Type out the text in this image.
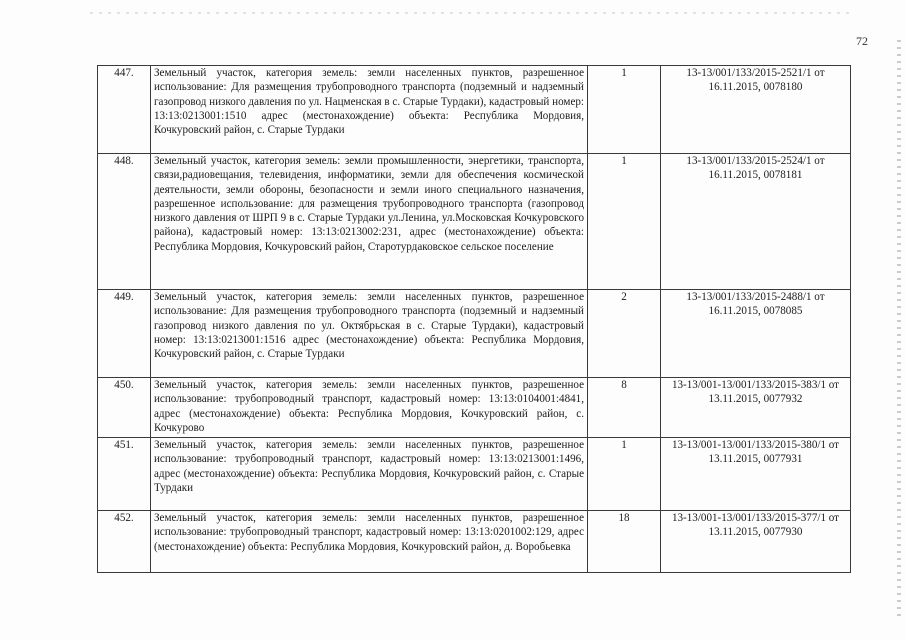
72
447.	Земельный участок, категория земель: земли населенных пунктов, разрешенное использование: Для размещения трубопроводного транспорта (подземный и надземный газопровод низкого давления по ул. Нацменская в с. Старые Турдаки), кадастровый номер: 13:13:0213001:1510 адрес (местонахождение) объекта: Республика Мордовия, Кочкуровский район, с. Старые Турдаки	1	13-13/001/133/2015-2521/1 от 16.11.2015, 0078180
448.	Земельный участок, категория земель: земли промышленности, энергетики, транспорта, связи,радиовещания, телевидения, информатики, земли для обеспечения космической деятельности, земли обороны, безопасности и земли иного специального назначения, разрешенное использование: для размещения трубопроводного транспорта (газопровод низкого давления от ШРП 9 в с. Старые Турдаки ул.Ленина, ул.Московская Кочкуровского района), кадастровый номер: 13:13:0213002:231, адрес (местонахождение) объекта: Республика Мордовия, Кочкуровский район, Старотурдаковское сельское поселение	1	13-13/001/133/2015-2524/1 от 16.11.2015, 0078181
449.	Земельный участок, категория земель: земли населенных пунктов, разрешенное использование: Для размещения трубопроводного транспорта (подземный и надземный газопровод низкого давления по ул. Октябрьская в с. Старые Турдаки), кадастровый номер: 13:13:0213001:1516 адрес (местонахождение) объекта: Республика Мордовия, Кочкуровский район, с. Старые Турдаки	2	13-13/001/133/2015-2488/1 от 16.11.2015, 0078085
450.	Земельный участок, категория земель: земли населенных пунктов, разрешенное использование: трубопроводный транспорт, кадастровый номер: 13:13:0104001:4841, адрес (местонахождение) объекта: Республика Мордовия, Кочкуровский район, с. Кочкурово	8	13-13/001-13/001/133/2015-383/1 от 13.11.2015, 0077932
451.	Земельный участок, категория земель: земли населенных пунктов, разрешенное использование: трубопроводный транспорт, кадастровый номер: 13:13:0213001:1496, адрес (местонахождение) объекта: Республика Мордовия, Кочкуровский район, с. Старые Турдаки	1	13-13/001-13/001/133/2015-380/1 от 13.11.2015, 0077931
452.	Земельный участок, категория земель: земли населенных пунктов, разрешенное использование: трубопроводный транспорт, кадастровый номер: 13:13:0201002:129, адрес (местонахождение) объекта: Республика Мордовия, Кочкуровский район, д. Воробьевка	18	13-13/001-13/001/133/2015-377/1 от 13.11.2015, 0077930
